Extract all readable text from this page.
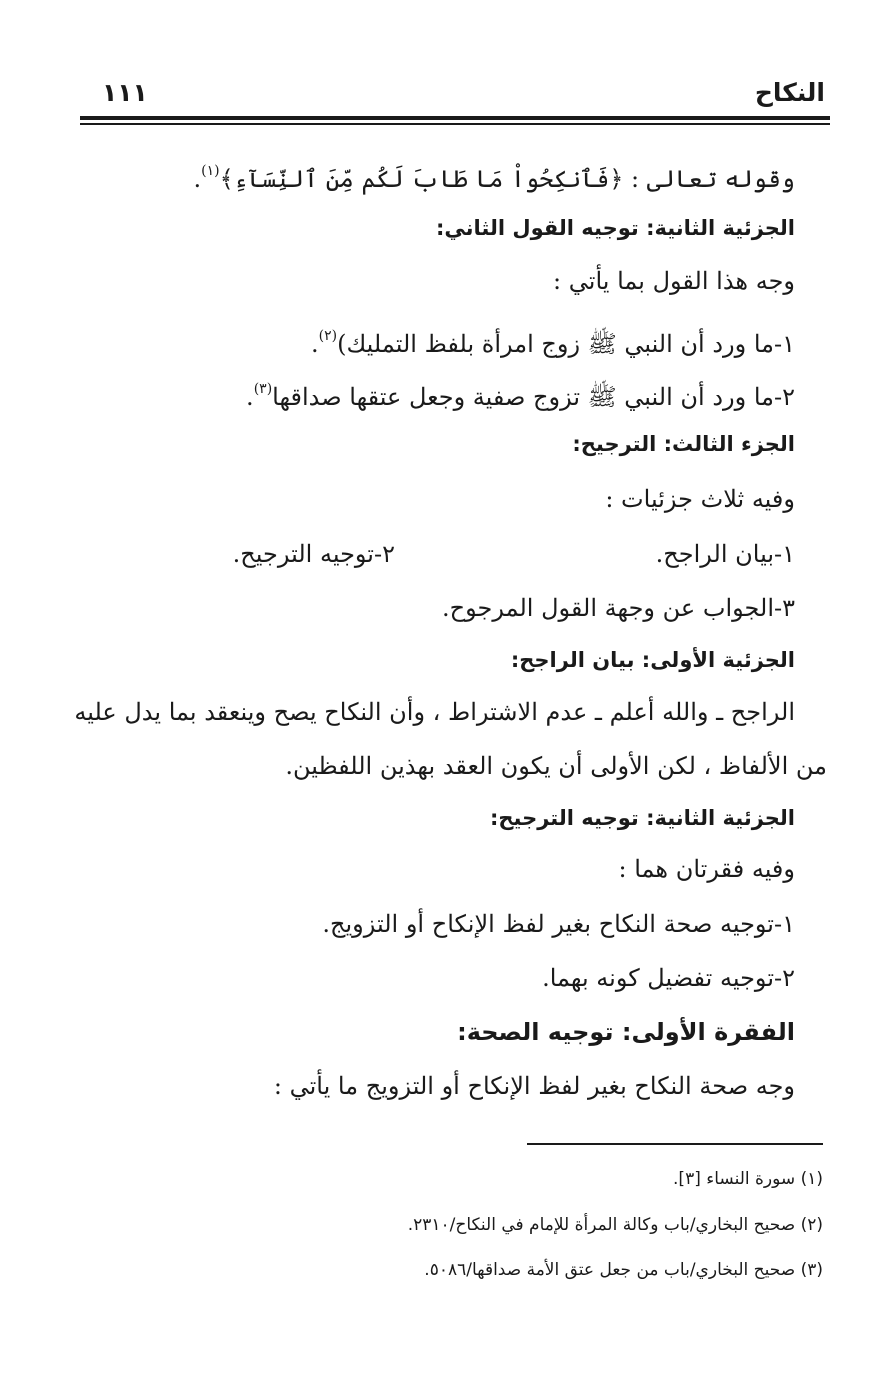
النكاح
١١١
وقوله تعالى : ﴿فَٱنكِحُواْ مَا طَابَ لَكُم مِّنَ ٱلنِّسَآءِ﴾$^{(١)}$.
الجزئية الثانية: توجيه القول الثاني:
وجه هذا القول بما يأتي :
١-ما ورد أن النبي ﷺ زوج امرأة بلفظ التمليك)$^{(٢)}$.
٢-ما ورد أن النبي ﷺ تزوج صفية وجعل عتقها صداقها$^{(٣)}$.
الجزء الثالث: الترجيح:
وفيه ثلاث جزئيات :
١-بيان الراجح.
٢-توجيه الترجيح.
٣-الجواب عن وجهة القول المرجوح.
الجزئية الأولى: بيان الراجح:
الراجح ـ والله أعلم ـ عدم الاشتراط ، وأن النكاح يصح وينعقد بما يدل عليه
من الألفاظ ، لكن الأولى أن يكون العقد بهذين اللفظين.
الجزئية الثانية: توجيه الترجيح:
وفيه فقرتان هما :
١-توجيه صحة النكاح بغير لفظ الإنكاح أو التزويج.
٢-توجيه تفضيل كونه بهما.
الفقرة الأولى: توجيه الصحة:
وجه صحة النكاح بغير لفظ الإنكاح أو التزويج ما يأتي :
(١) سورة النساء [٣].
(٢) صحيح البخاري/باب وكالة المرأة للإمام في النكاح/٢٣١٠.
(٣) صحيح البخاري/باب من جعل عتق الأمة صداقها/٥٠٨٦.
